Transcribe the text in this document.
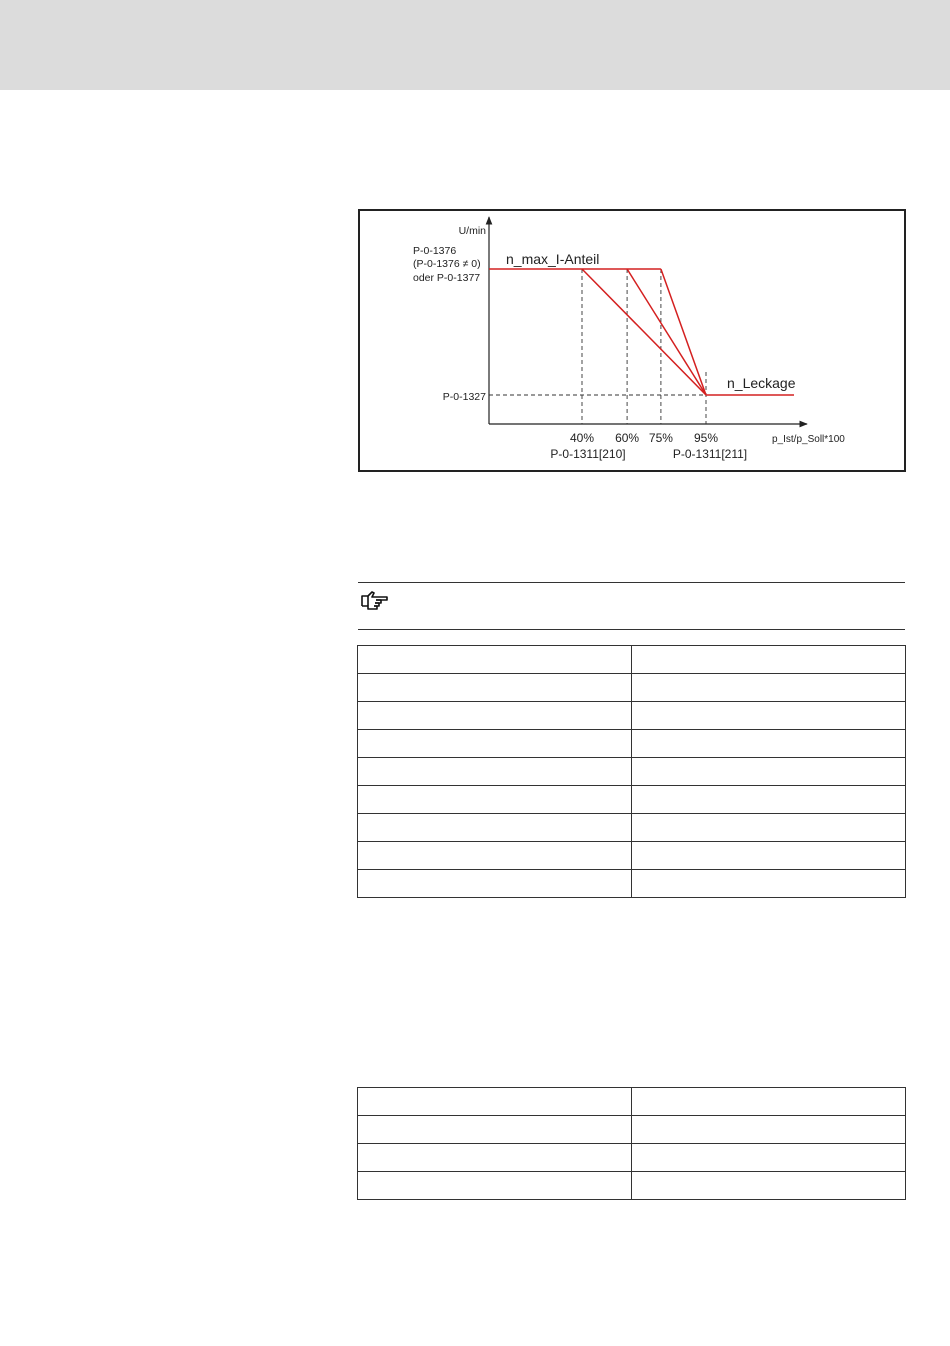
U/min
P-0-1376
(P-0-1376 ≠ 0)
oder P-0-1377
P-0-1327
40% 60% 75% 95%
n_max_I-Anteil
n_Leckage
p_Ist/p_Soll*100
P-0-1311[210]	P-0-1311[211]
